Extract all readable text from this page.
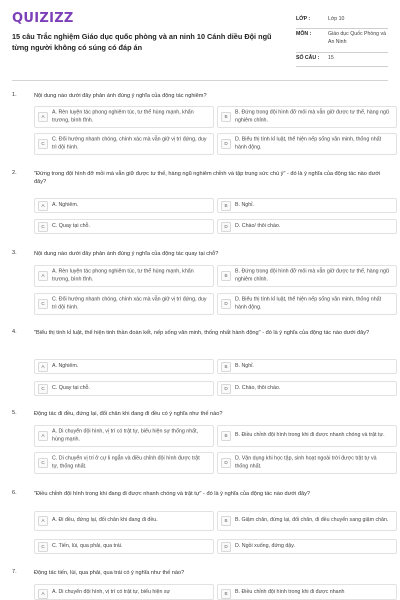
QUIZIZZ
15 câu Trắc nghiệm Giáo dục quốc phòng và an ninh 10 Cánh diều Đội ngũ từng người không có súng có đáp án
LỚP :	Lớp 10
MÔN :	Giáo dục Quốc Phòng và An Ninh
SỐ CÂU :	15
1.	Nội dung nào dưới đây phản ánh đúng ý nghĩa của động tác nghiêm?
A
A. Rèn luyện tác phong nghiêm túc, tư thế hùng mạnh, khẩn trương, bình tĩnh.
B
B. Đứng trong đội hình đỡ mỏi mà vẫn giữ được tư thế, hàng ngũ nghiêm chỉnh.
C
C. Đổi hướng nhanh chóng, chính xác mà vẫn giữ vị trí đứng, duy trì đội hình.
D
D. Biểu thị tính kỉ luật, thể hiện nếp sống văn minh, thống nhất hành động.
2.	"Đứng trong đội hình đỡ mỏi mà vẫn giữ được tư thế, hàng ngũ nghiêm chỉnh và tập trung sức chú ý" - đó là ý nghĩa của động tác nào dưới đây?
A	A. Nghiêm.	B	B. Nghỉ.
C	C. Quay tại chỗ.	D	D. Chào/ thôi chào.
3.	Nội dung nào dưới đây phản ánh đúng ý nghĩa của động tác quay tại chỗ?
A
A. Rèn luyện tác phong nghiêm túc, tư thế hùng mạnh, khẩn trương, bình tĩnh.
B
B. Đứng trong đội hình đỡ mỏi mà vẫn giữ được tư thế, hàng ngũ nghiêm chỉnh.
C
C. Đổi hướng nhanh chóng, chính xác mà vẫn giữ vị trí đứng, duy trì đội hình.
D
D. Biểu thị tính kỉ luật, thể hiện nếp sống văn minh, thống nhất hành động.
4.	"Biểu thị tính kỉ luật, thể hiện tinh thần đoàn kết, nếp sống văn minh, thống nhất hành động" - đó là ý nghĩa của động tác nào dưới đây?
A	A. Nghiêm.	B	B. Nghỉ.
C	C. Quay tại chỗ.	D	D. Chào, thôi chào.
5.	Động tác đi đều, đứng lại, đổi chân khi đang đi đều có ý nghĩa như thế nào?
A
A. Di chuyển đội hình, vị trí có trật tự, biểu hiện sự thống nhất, hùng mạnh.
B	B. Điều chỉnh đội hình trong khi đi được nhanh chóng và trật tự.
C
C. Di chuyển vị trí ở cự li ngắn và điều chỉnh đội hình được trật tự, thống nhất.
D
D. Vận dụng khi học tập, sinh hoạt ngoài trời được trật tự và thống nhất.
6.	"Điều chỉnh đội hình trong khi đang đi được nhanh chóng và trật tự" - đó là ý nghĩa của động tác nào dưới đây?
A	A. Đi đều, đứng lại, đổi chân khi đang đi đều.	B	B. Giậm chân, đứng lại, đổi chân, đi đều chuyển sang giậm chân.
C	C. Tiến, lùi, qua phải, qua trái.	D	D. Ngồi xuống, đứng dậy.
7.	Động tác tiến, lùi, qua phải, qua trái có ý nghĩa như thế nào?
A	A. Di chuyển đội hình, vị trí có trật tự, biểu hiện sự	B	B. Điều chỉnh đội hình trong khi đi được nhanh
